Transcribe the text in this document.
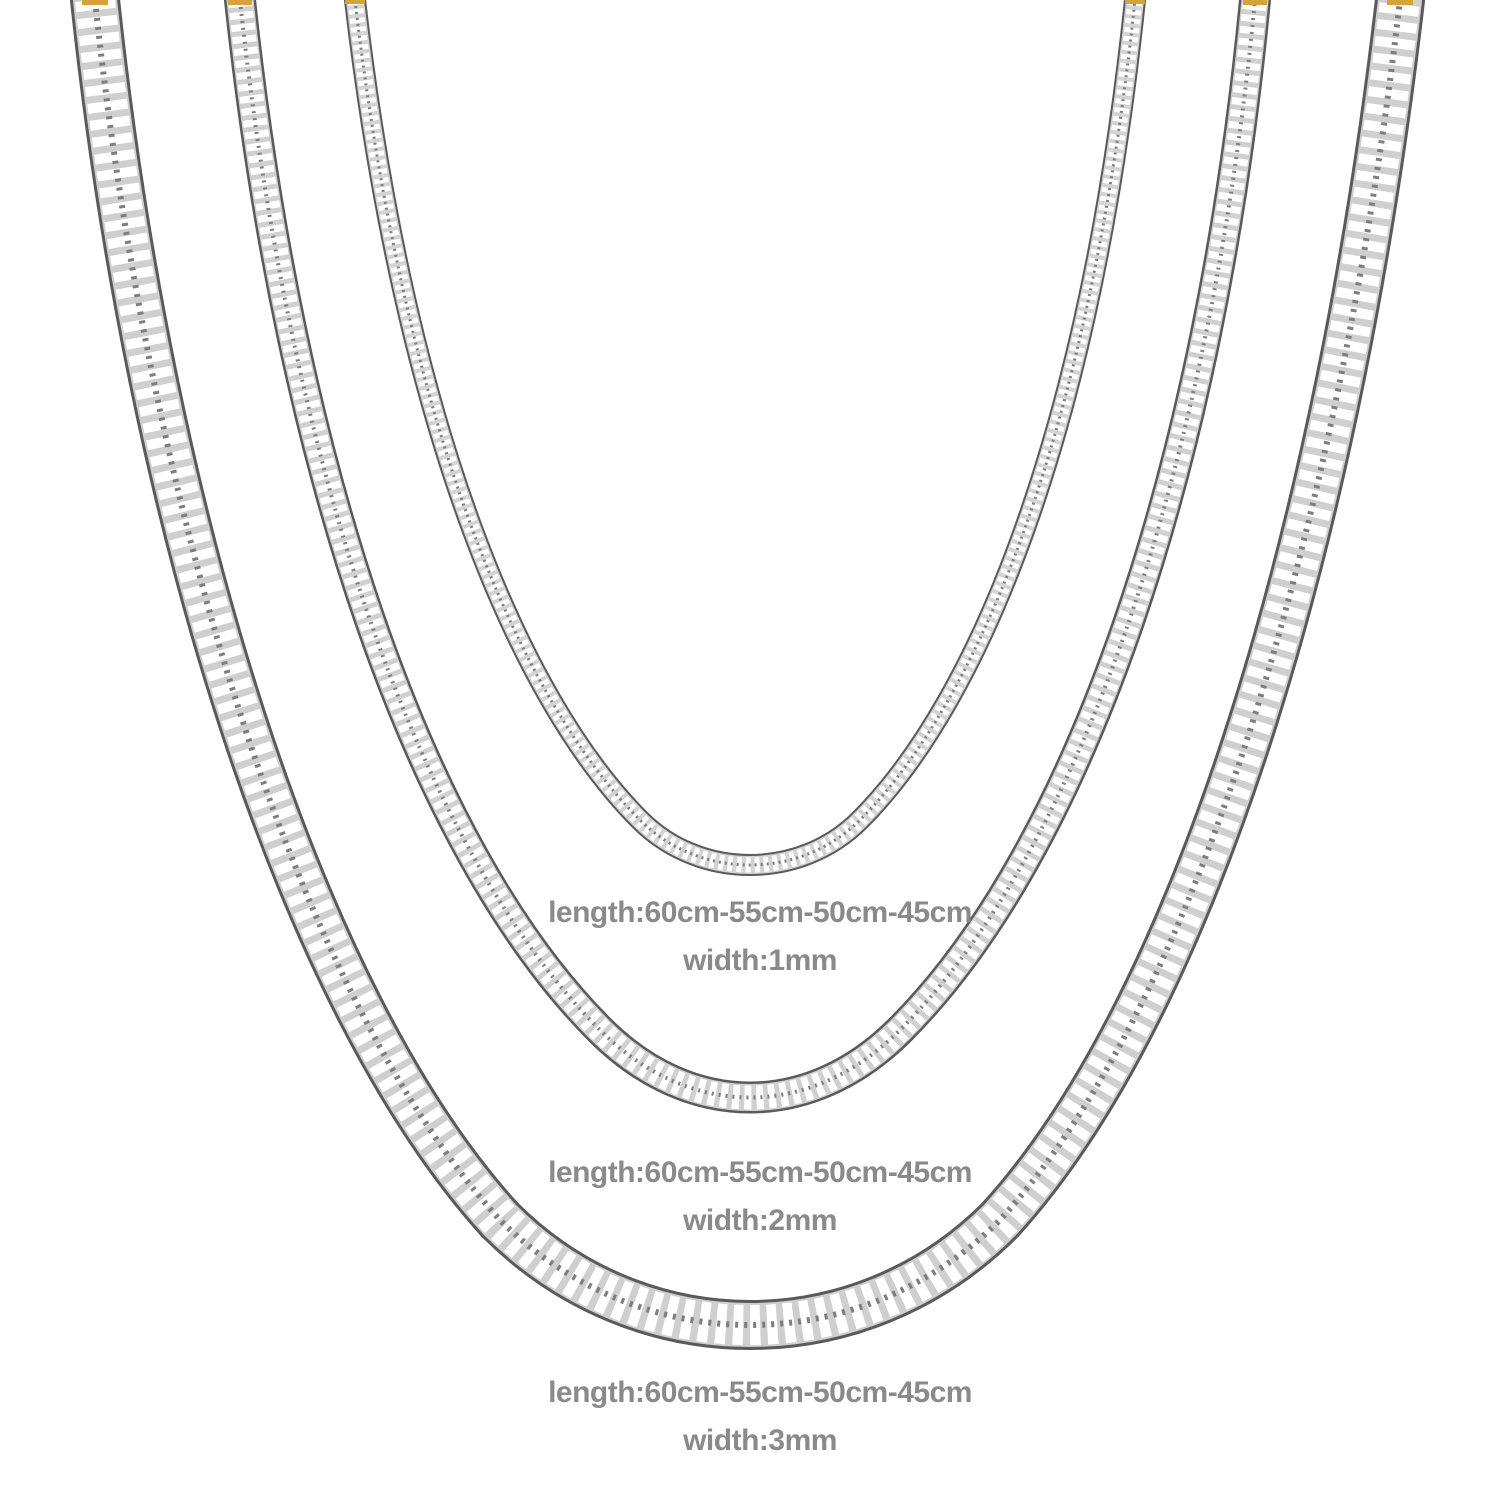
length:60cm-55cm-50cm-45cm
width:1mm
length:60cm-55cm-50cm-45cm
width:2mm
length:60cm-55cm-50cm-45cm
width:3mm
